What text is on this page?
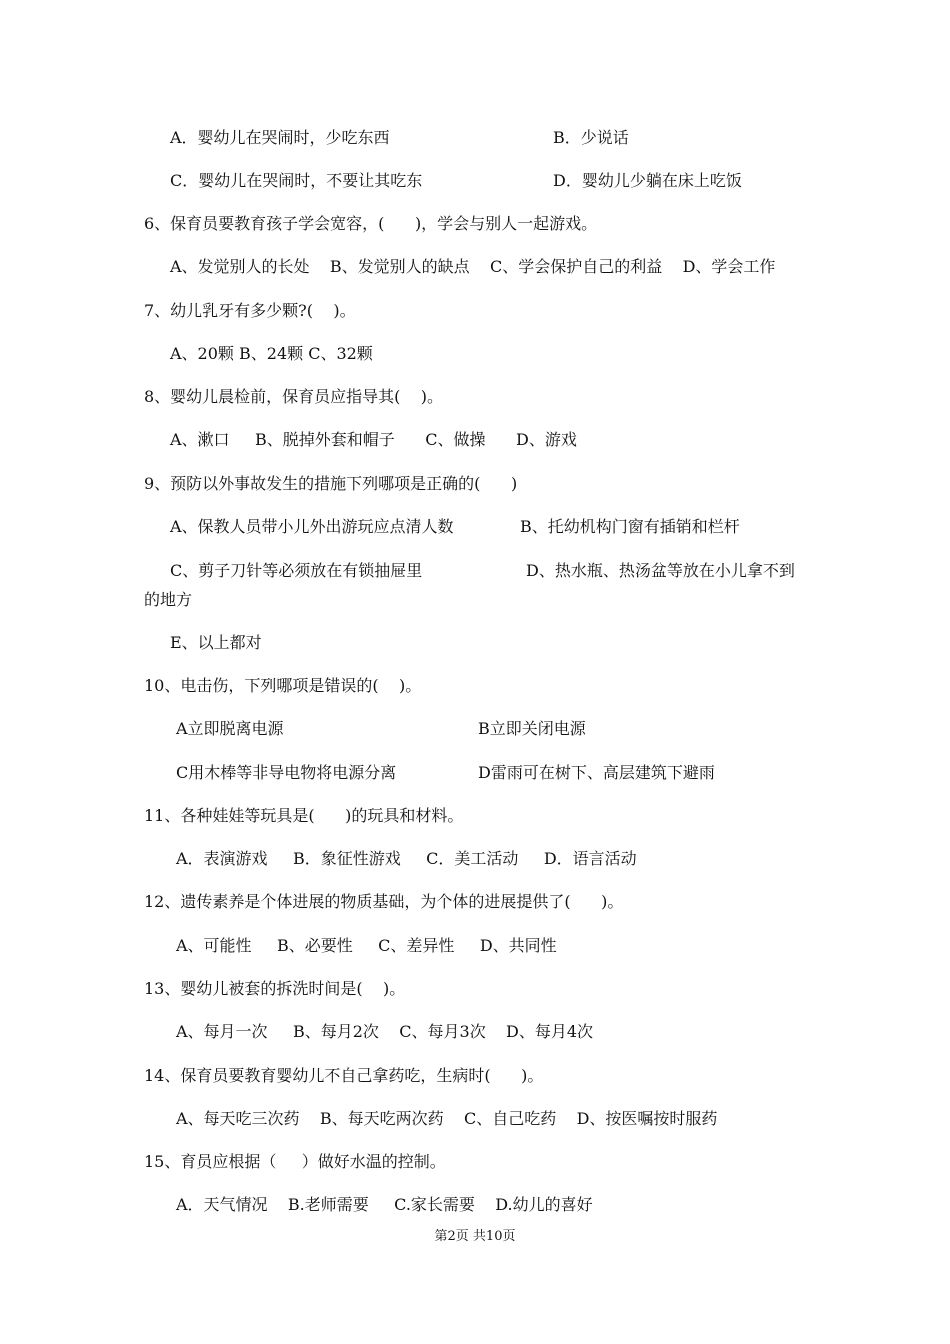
A．婴幼儿在哭闹时，少吃东西	B．少说话
C．婴幼儿在哭闹时，不要让其吃东	D．婴幼儿少躺在床上吃饭
6、保育员要教育孩子学会宽容，(      )，学会与别人一起游戏。
A、发觉别人的长处    B、发觉别人的缺点    C、学会保护自己的利益    D、学会工作
7、幼儿乳牙有多少颗?(    )。
A、20颗 B、24颗 C、32颗
8、婴幼儿晨检前，保育员应指导其(    )。
A、漱口     B、脱掉外套和帽子      C、做操      D、游戏
9、预防以外事故发生的措施下列哪项是正确的(      )
A、保教人员带小儿外出游玩应点清人数	B、托幼机构门窗有插销和栏杆
C、剪子刀针等必须放在有锁抽屉里	D、热水瓶、热汤盆等放在小儿拿不到
的地方
E、以上都对
10、电击伤，下列哪项是错误的(    )。
A立即脱离电源	B立即关闭电源
C用木棒等非导电物将电源分离	D雷雨可在树下、高层建筑下避雨
11、各种娃娃等玩具是(      )的玩具和材料。
A．表演游戏     B．象征性游戏     C．美工活动     D．语言活动
12、遗传素养是个体进展的物质基础，为个体的进展提供了(      )。
A、可能性     B、必要性     C、差异性     D、共同性
13、婴幼儿被套的拆洗时间是(    )。
A、每月一次     B、每月2次    C、每月3次    D、每月4次
14、保育员要教育婴幼儿不自己拿药吃，生病时(      )。
A、每天吃三次药    B、每天吃两次药    C、自己吃药    D、按医嘱按时服药
15、育员应根据（     ）做好水温的控制。
A．天气情况    B.老师需要     C.家长需要    D.幼儿的喜好
第2页 共10页
